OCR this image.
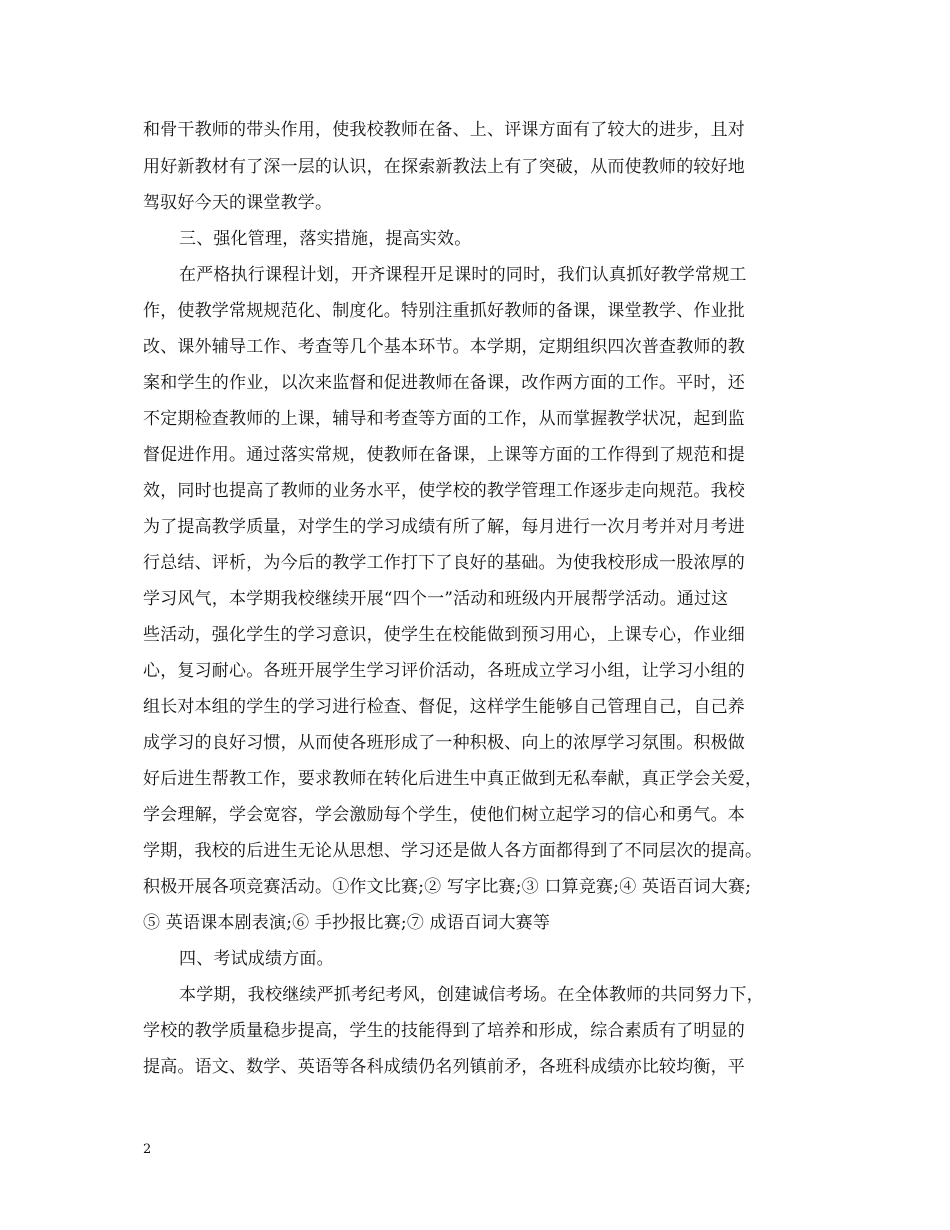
和骨干教师的带头作用，使我校教师在备、上、评课方面有了较大的进步，且对
用好新教材有了深一层的认识，在探索新教法上有了突破，从而使教师的较好地
驾驭好今天的课堂教学。
三、强化管理，落实措施，提高实效。
在严格执行课程计划，开齐课程开足课时的同时，我们认真抓好教学常规工
作，使教学常规规范化、制度化。特别注重抓好教师的备课，课堂教学、作业批
改、课外辅导工作、考查等几个基本环节。本学期，定期组织四次普查教师的教
案和学生的作业，以次来监督和促进教师在备课，改作两方面的工作。平时，还
不定期检查教师的上课，辅导和考查等方面的工作，从而掌握教学状况，起到监
督促进作用。通过落实常规，使教师在备课，上课等方面的工作得到了规范和提
效，同时也提高了教师的业务水平，使学校的教学管理工作逐步走向规范。我校
为了提高教学质量，对学生的学习成绩有所了解，每月进行一次月考并对月考进
行总结、评析，为今后的教学工作打下了良好的基础。为使我校形成一股浓厚的
学习风气，本学期我校继续开展“四个一”活动和班级内开展帮学活动。通过这
些活动，强化学生的学习意识，使学生在校能做到预习用心，上课专心，作业细
心，复习耐心。各班开展学生学习评价活动，各班成立学习小组，让学习小组的
组长对本组的学生的学习进行检查、督促，这样学生能够自己管理自己，自己养
成学习的良好习惯，从而使各班形成了一种积极、向上的浓厚学习氛围。积极做
好后进生帮教工作，要求教师在转化后进生中真正做到无私奉献，真正学会关爱，
学会理解，学会宽容，学会激励每个学生，使他们树立起学习的信心和勇气。本
学期，我校的后进生无论从思想、学习还是做人各方面都得到了不同层次的提高。
积极开展各项竞赛活动。①作文比赛;② 写字比赛;③ 口算竞赛;④ 英语百词大赛;
⑤ 英语课本剧表演;⑥ 手抄报比赛;⑦ 成语百词大赛等
四、考试成绩方面。
本学期，我校继续严抓考纪考风，创建诚信考场。在全体教师的共同努力下，
学校的教学质量稳步提高，学生的技能得到了培养和形成，综合素质有了明显的
提高。语文、数学、英语等各科成绩仍名列镇前矛，各班科成绩亦比较均衡，平
2
